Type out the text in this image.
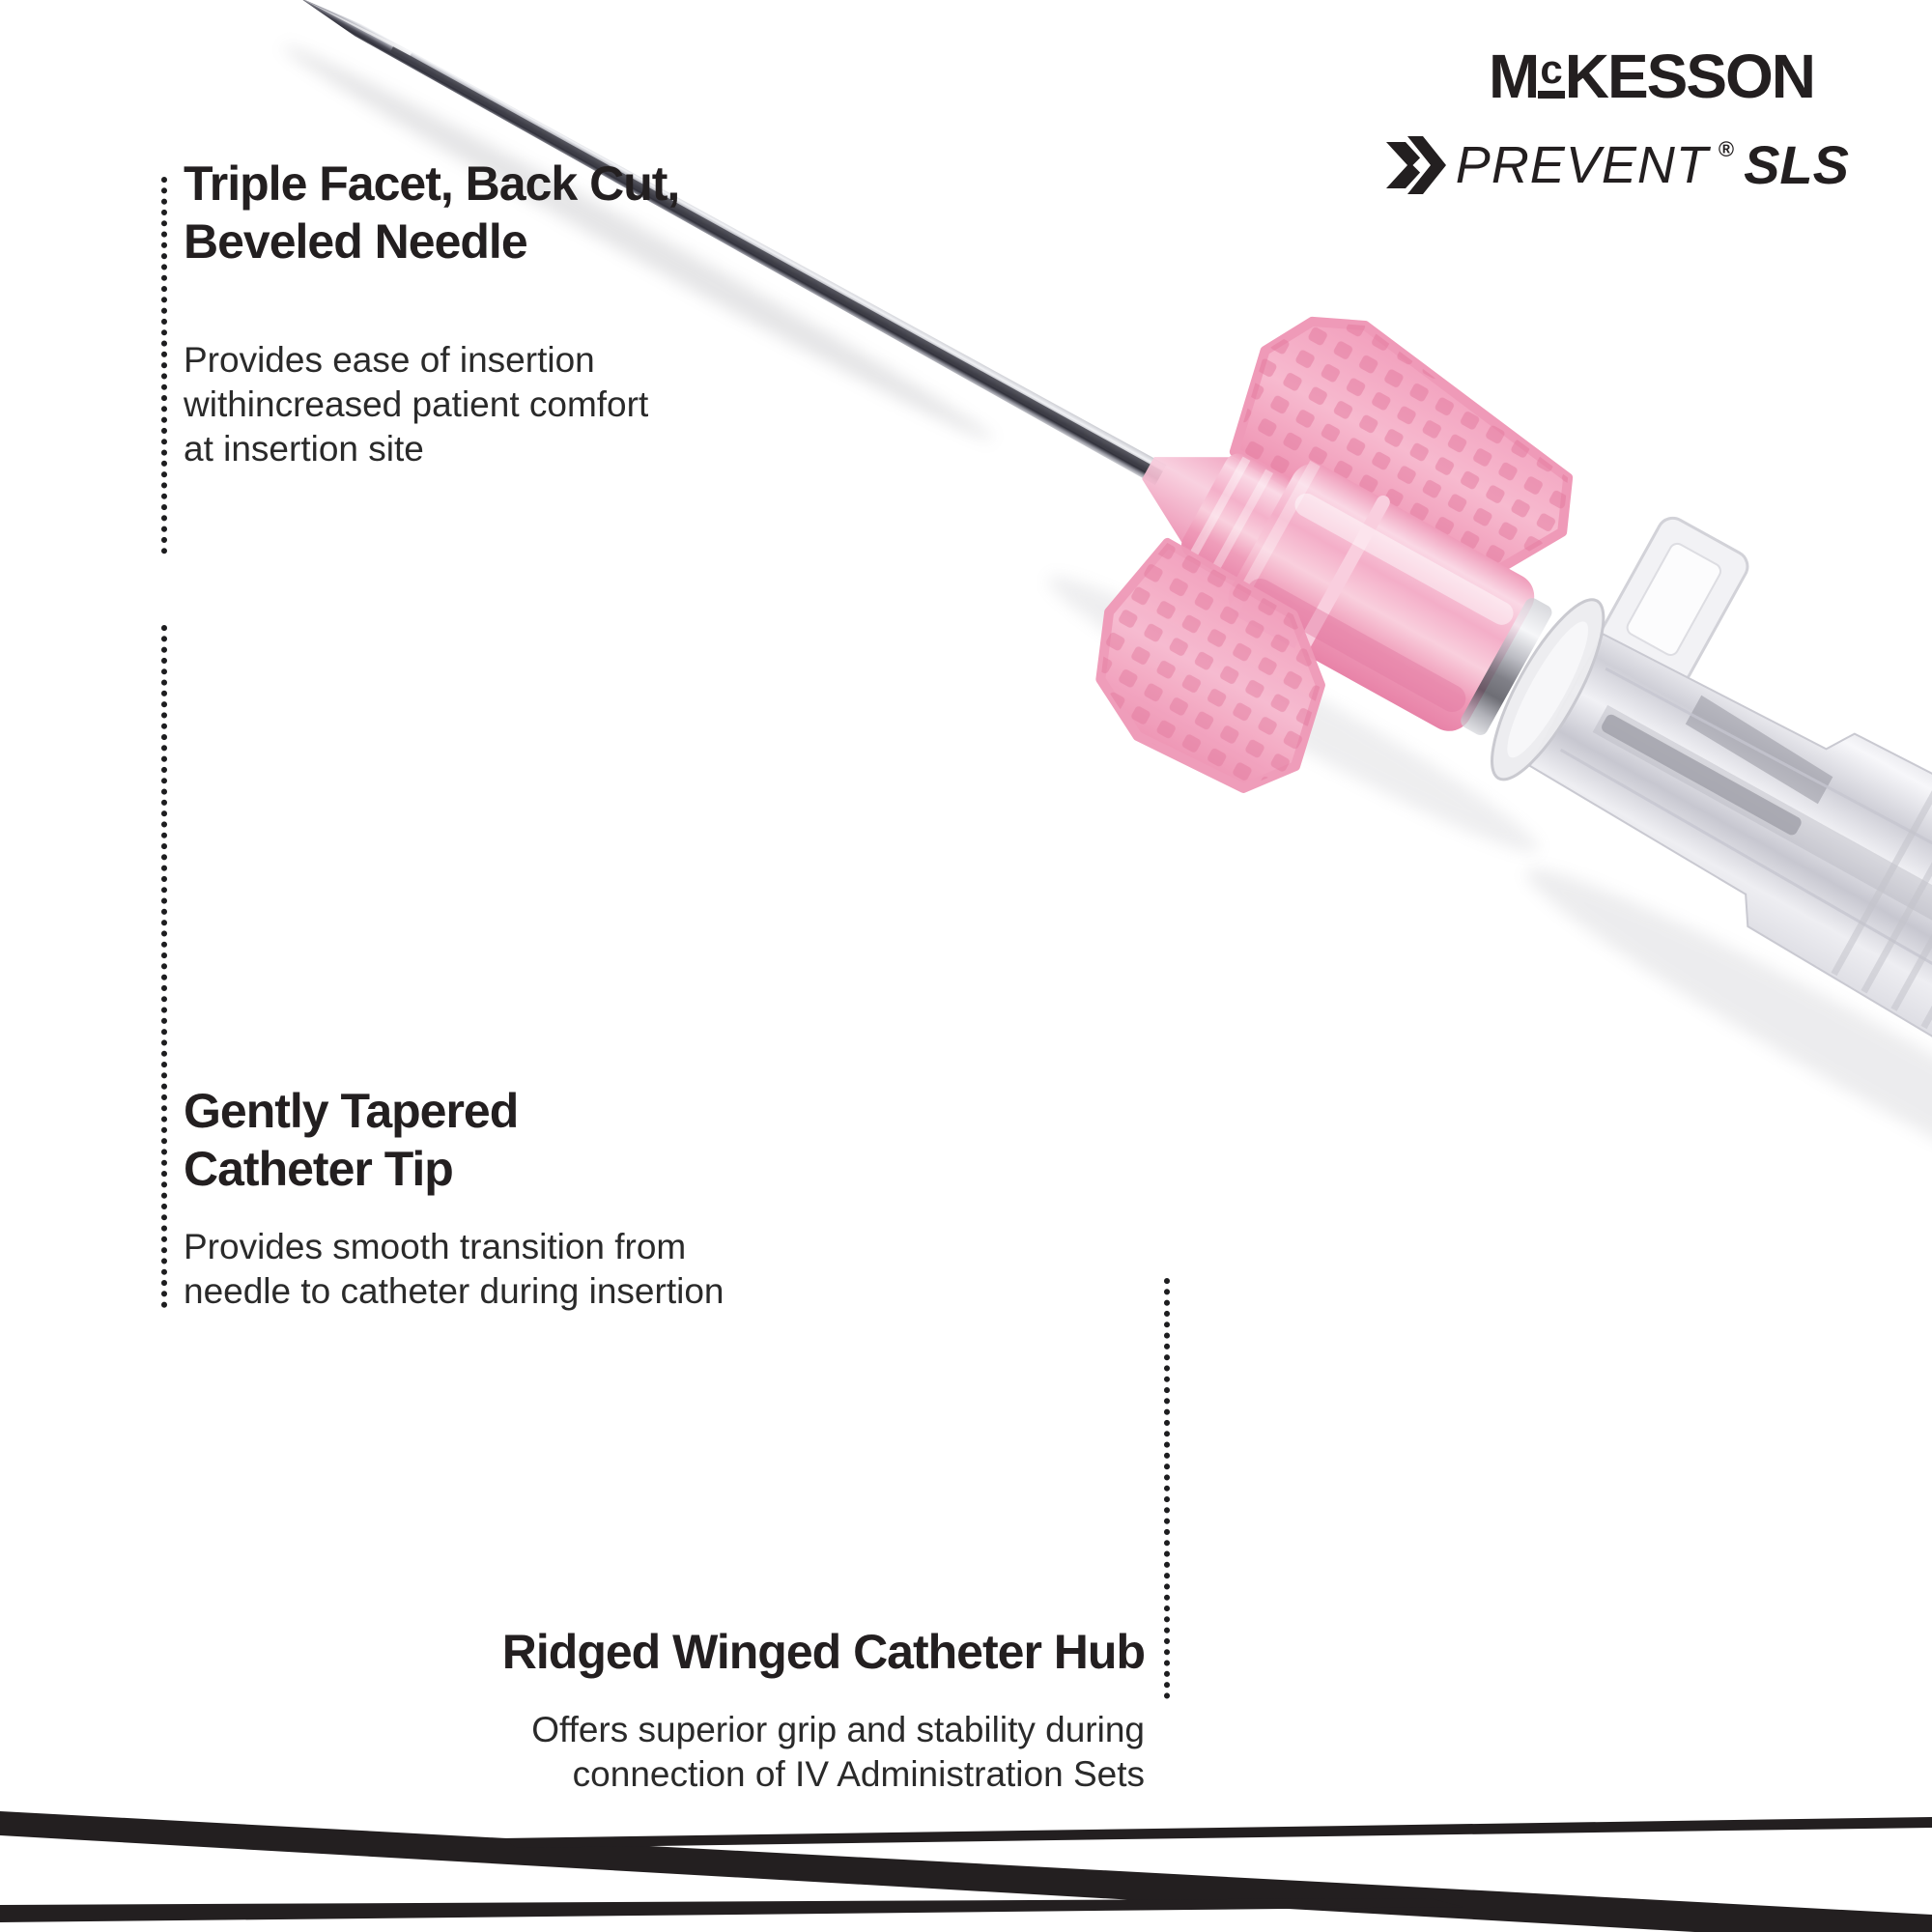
McKESSON
PREVENT ® SLS
Triple Facet, Back Cut,
Beveled Needle
Provides ease of insertion
withincreased patient comfort
at insertion site
Gently Tapered
Catheter Tip
Provides smooth transition from
needle to catheter during insertion
Ridged Winged Catheter Hub
Offers superior grip and stability during
connection of IV Administration Sets
